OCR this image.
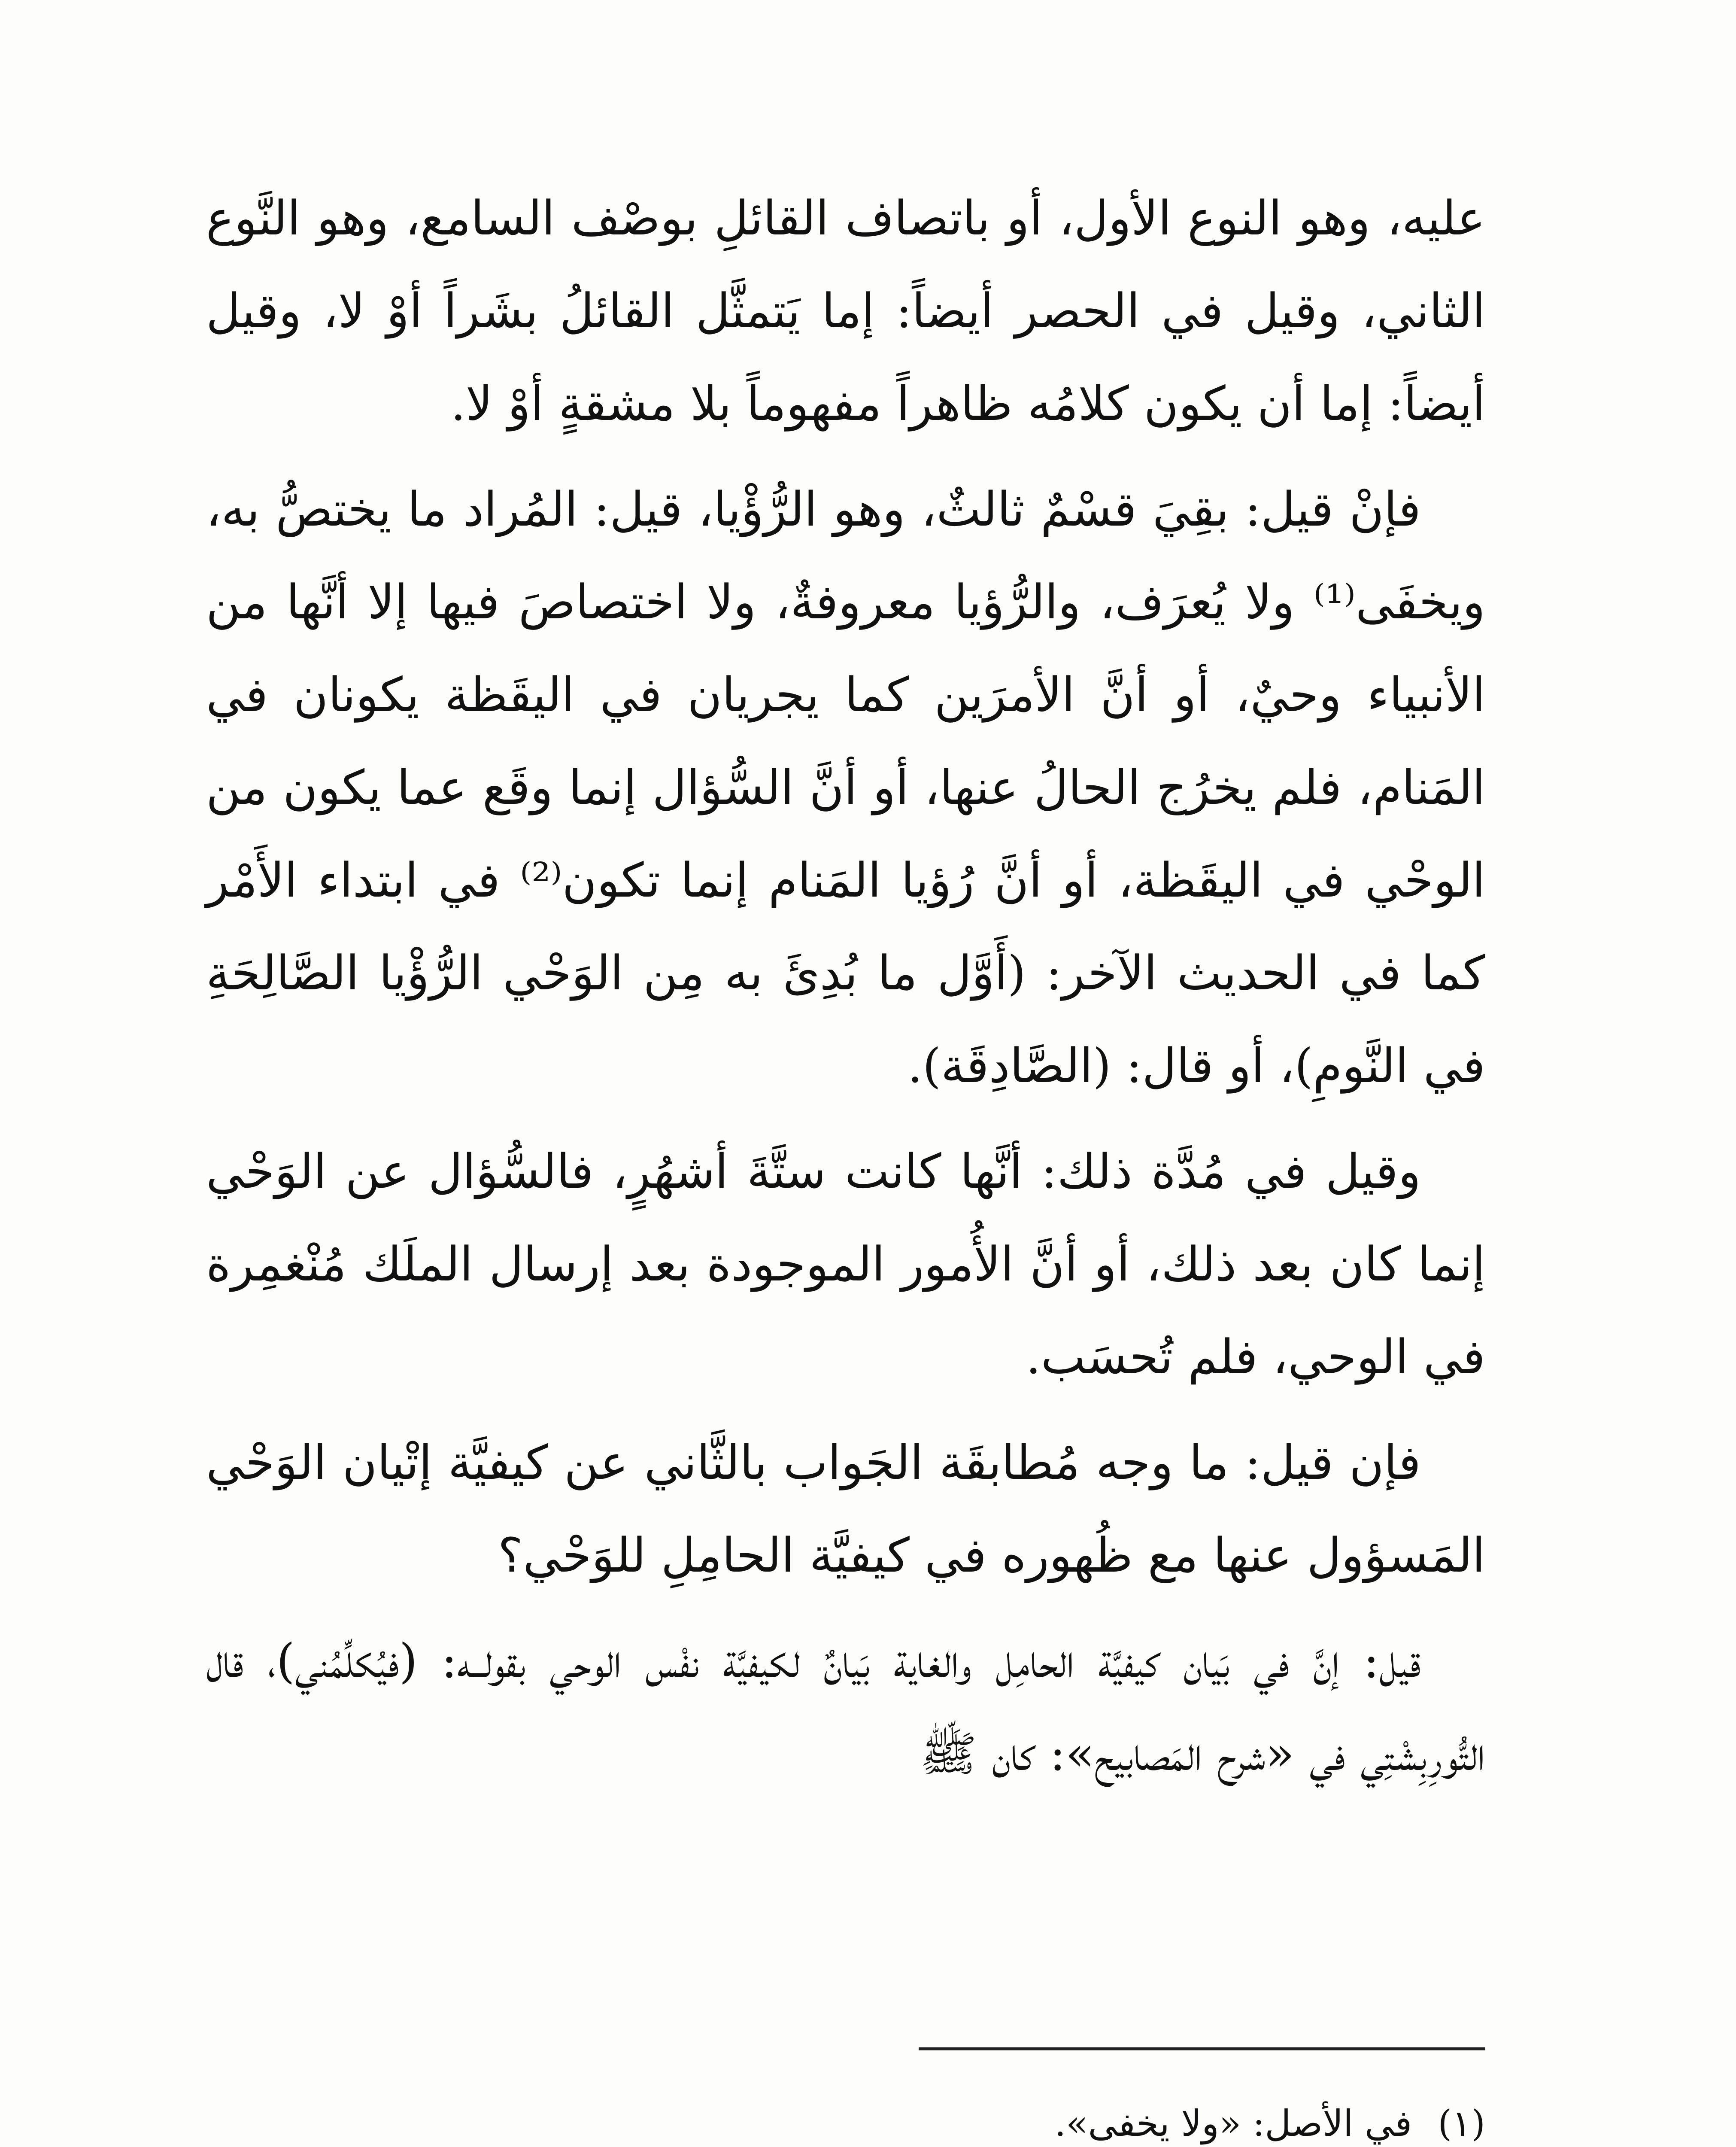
عليه، وهو النوع الأول، أو باتصاف القائلِ بوصْف السامع، وهو النَّوع الثاني، وقيل في الحصر أيضاً: إما يَتمثَّل القائلُ بشَراً أوْ لا، وقيل أيضاً: إما أن يكون كلامُه ظاهراً مفهوماً بلا مشقةٍ أوْ لا.

فإنْ قيل: بقِيَ قسْمٌ ثالثٌ، وهو الرُّؤْيا، قيل: المُراد ما يختصُّ به، ويخفَى⁽¹⁾ ولا يُعرَف، والرُّؤيا معروفةٌ، ولا اختصاصَ فيها إلا أنَّها من الأنبياء وحيٌ، أو أنَّ الأمرَين كما يجريان في اليقَظة يكونان في المَنام، فلم يخرُج الحالُ عنها، أو أنَّ السُّؤال إنما وقَع عما يكون من الوحْي في اليقَظة، أو أنَّ رُؤيا المَنام إنما تكون⁽²⁾ في ابتداء الأَمْر كما في الحديث الآخر: (أَوَّل ما بُدِئَ به مِن الوَحْي الرُّؤْيا الصَّالِحَةِ في النَّومِ)، أو قال: (الصَّادِقَة).

وقيل في مُدَّة ذلك: أنَّها كانت ستَّةَ أشهُرٍ، فالسُّؤال عن الوَحْي إنما كان بعد ذلك، أو أنَّ الأُمور الموجودة بعد إرسال الملَك مُنْغمِرة في الوحي، فلم تُحسَب.

فإن قيل: ما وجه مُطابقَة الجَواب بالثَّاني عن كيفيَّة إتْيان الوَحْي المَسؤول عنها مع ظُهوره في كيفيَّة الحامِلِ للوَحْي؟

قيل: إنَّ في بَيان كيفيَّة الحامِل والغاية بَيانٌ لكيفيَّة نفْس الوحي بقولــه: (فيُكلِّمُني)، قال التُّورِبِشْتِي في «شرح المَصابيح»: كان ﷺ

(١)في الأصل: «ولا يخفى».
